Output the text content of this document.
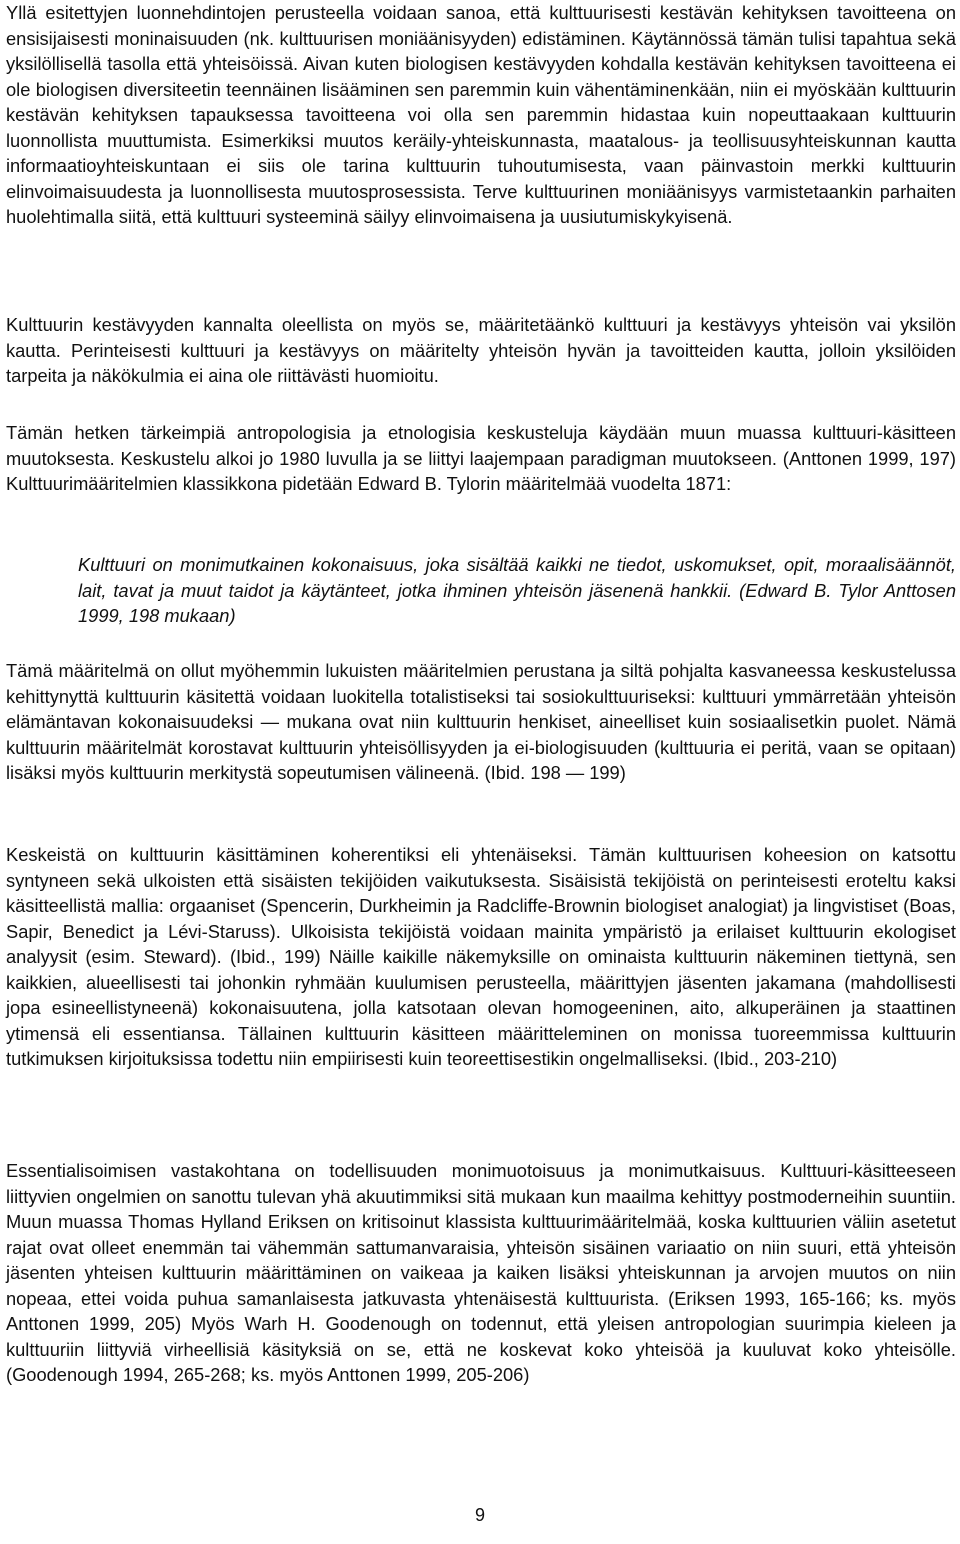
Yllä esitettyjen luonnehdintojen perusteella voidaan sanoa, että kulttuurisesti kestävän kehityksen tavoitteena on ensisijaisesti moninaisuuden (nk. kulttuurisen moniäänisyyden) edistäminen. Käytännössä tämän tulisi tapahtua sekä yksilöllisellä tasolla että yhteisöissä. Aivan kuten biologisen kestävyyden kohdalla kestävän kehityksen tavoitteena ei ole biologisen diversiteetin teennäinen lisääminen sen paremmin kuin vähentäminenkään, niin ei myöskään kulttuurin kestävän kehityksen tapauksessa tavoitteena voi olla sen paremmin hidastaa kuin nopeuttaakaan kulttuurin luonnollista muuttumista. Esimerkiksi muutos keräily-yhteiskunnasta, maatalous- ja teollisuusyhteiskunnan kautta informaatioyhteiskuntaan ei siis ole tarina kulttuurin tuhoutumisesta, vaan päinvastoin merkki kulttuurin elinvoimaisuudesta ja luonnollisesta muutosprosessista. Terve kulttuurinen moniäänisyys varmistetaankin parhaiten huolehtimalla siitä, että kulttuuri systeeminä säilyy elinvoimaisena ja uusiutumiskykyisenä.

Kulttuurin kestävyyden kannalta oleellista on myös se, määritetäänkö kulttuuri ja kestävyys yhteisön vai yksilön kautta. Perinteisesti kulttuuri ja kestävyys on määritelty yhteisön hyvän ja tavoitteiden kautta, jolloin yksilöiden tarpeita ja näkökulmia ei aina ole riittävästi huomioitu.

Tämän hetken tärkeimpiä antropologisia ja etnologisia keskusteluja käydään muun muassa kulttuuri-käsitteen muutoksesta. Keskustelu alkoi jo 1980 luvulla ja se liittyi laajempaan paradigman muutokseen. (Anttonen 1999, 197) Kulttuurimääritelmien klassikkona pidetään Edward B. Tylorin määritelmää vuodelta 1871:

Kulttuuri on monimutkainen kokonaisuus, joka sisältää kaikki ne tiedot, uskomukset, opit, moraalisäännöt, lait, tavat ja muut taidot ja käytänteet, jotka ihminen yhteisön jäsenenä hankkii. (Edward B. Tylor Anttosen 1999, 198 mukaan)

Tämä määritelmä on ollut myöhemmin lukuisten määritelmien perustana ja siltä pohjalta kasvaneessa keskustelussa kehittynyttä kulttuurin käsitettä voidaan luokitella totalistiseksi tai sosiokulttuuriseksi: kulttuuri ymmärretään yhteisön elämäntavan kokonaisuudeksi — mukana ovat niin kulttuurin henkiset, aineelliset kuin sosiaalisetkin puolet. Nämä kulttuurin määritelmät korostavat kulttuurin yhteisöllisyyden ja ei-biologisuuden (kulttuuria ei peritä, vaan se opitaan) lisäksi myös kulttuurin merkitystä sopeutumisen välineenä. (Ibid. 198 — 199)

Keskeistä on kulttuurin käsittäminen koherentiksi eli yhtenäiseksi. Tämän kulttuurisen koheesion on katsottu syntyneen sekä ulkoisten että sisäisten tekijöiden vaikutuksesta. Sisäisistä tekijöistä on perinteisesti eroteltu kaksi käsitteellistä mallia: orgaaniset (Spencerin, Durkheimin ja Radcliffe-Brownin biologiset analogiat) ja lingvistiset (Boas, Sapir, Benedict ja Lévi-Staruss). Ulkoisista tekijöistä voidaan mainita ympäristö ja erilaiset kulttuurin ekologiset analyysit (esim. Steward). (Ibid., 199) Näille kaikille näkemyksille on ominaista kulttuurin näkeminen tiettynä, sen kaikkien, alueellisesti tai johonkin ryhmään kuulumisen perusteella, määrittyjen jäsenten jakamana (mahdollisesti jopa esineellistyneenä) kokonaisuutena, jolla katsotaan olevan homogeeninen, aito, alkuperäinen ja staattinen ytimensä eli essentiansa. Tällainen kulttuurin käsitteen määritteleminen on monissa tuoreemmissa kulttuurin tutkimuksen kirjoituksissa todettu niin empiirisesti kuin teoreettisestikin ongelmalliseksi. (Ibid., 203-210)

Essentialisoimisen vastakohtana on todellisuuden monimuotoisuus ja monimutkaisuus. Kulttuuri-käsitteeseen liittyvien ongelmien on sanottu tulevan yhä akuutimmiksi sitä mukaan kun maailma kehittyy postmoderneihin suuntiin. Muun muassa Thomas Hylland Eriksen on kritisoinut klassista kulttuurimääritelmää, koska kulttuurien väliin asetetut rajat ovat olleet enemmän tai vähemmän sattumanvaraisia, yhteisön sisäinen variaatio on niin suuri, että yhteisön jäsenten yhteisen kulttuurin määrittäminen on vaikeaa ja kaiken lisäksi yhteiskunnan ja arvojen muutos on niin nopeaa, ettei voida puhua samanlaisesta jatkuvasta yhtenäisestä kulttuurista. (Eriksen 1993, 165-166; ks. myös Anttonen 1999, 205) Myös Warh H. Goodenough on todennut, että yleisen antropologian suurimpia kieleen ja kulttuuriin liittyviä virheellisiä käsityksiä on se, että ne koskevat koko yhteisöä ja kuuluvat koko yhteisölle. (Goodenough 1994, 265-268; ks. myös Anttonen 1999, 205-206)

9
